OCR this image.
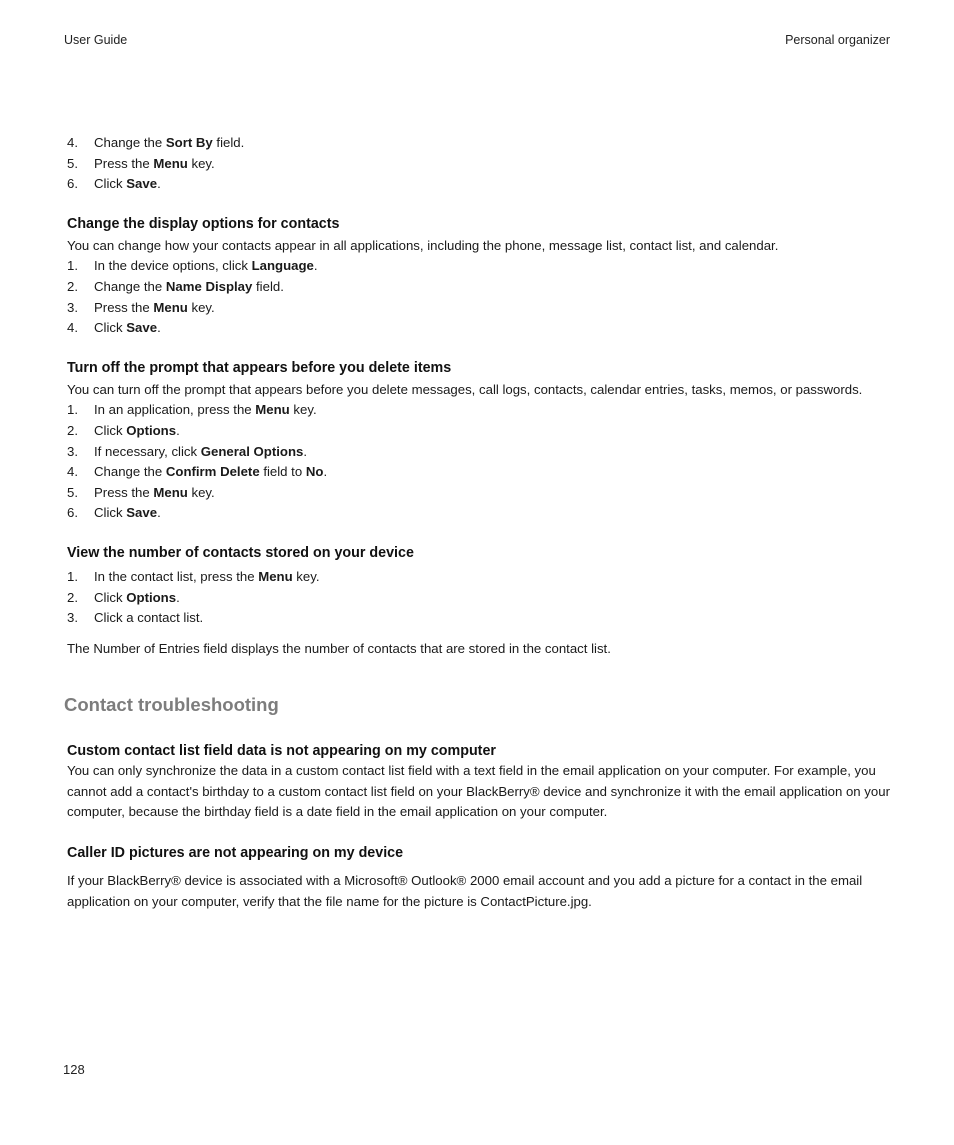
User Guide	Personal organizer
4. Change the Sort By field.
5. Press the Menu key.
6. Click Save.
Change the display options for contacts

You can change how your contacts appear in all applications, including the phone, message list, contact list, and calendar.

1. In the device options, click Language.
2. Change the Name Display field.
3. Press the Menu key.
4. Click Save.
Turn off the prompt that appears before you delete items

You can turn off the prompt that appears before you delete messages, call logs, contacts, calendar entries, tasks, memos, or passwords.

1. In an application, press the Menu key.
2. Click Options.
3. If necessary, click General Options.
4. Change the Confirm Delete field to No.
5. Press the Menu key.
6. Click Save.
View the number of contacts stored on your device
1. In the contact list, press the Menu key.
2. Click Options.
3. Click a contact list.

The Number of Entries field displays the number of contacts that are stored in the contact list.

Contact troubleshooting
Custom contact list field data is not appearing on my computer

You can only synchronize the data in a custom contact list field with a text field in the email application on your computer. For example, you cannot add a contact's birthday to a custom contact list field on your BlackBerry® device and synchronize it with the email application on your computer, because the birthday field is a date field in the email application on your computer.

Caller ID pictures are not appearing on my device

If your BlackBerry® device is associated with a Microsoft® Outlook® 2000 email account and you add a picture for a contact in the email application on your computer, verify that the file name for the picture is ContactPicture.jpg.

128
